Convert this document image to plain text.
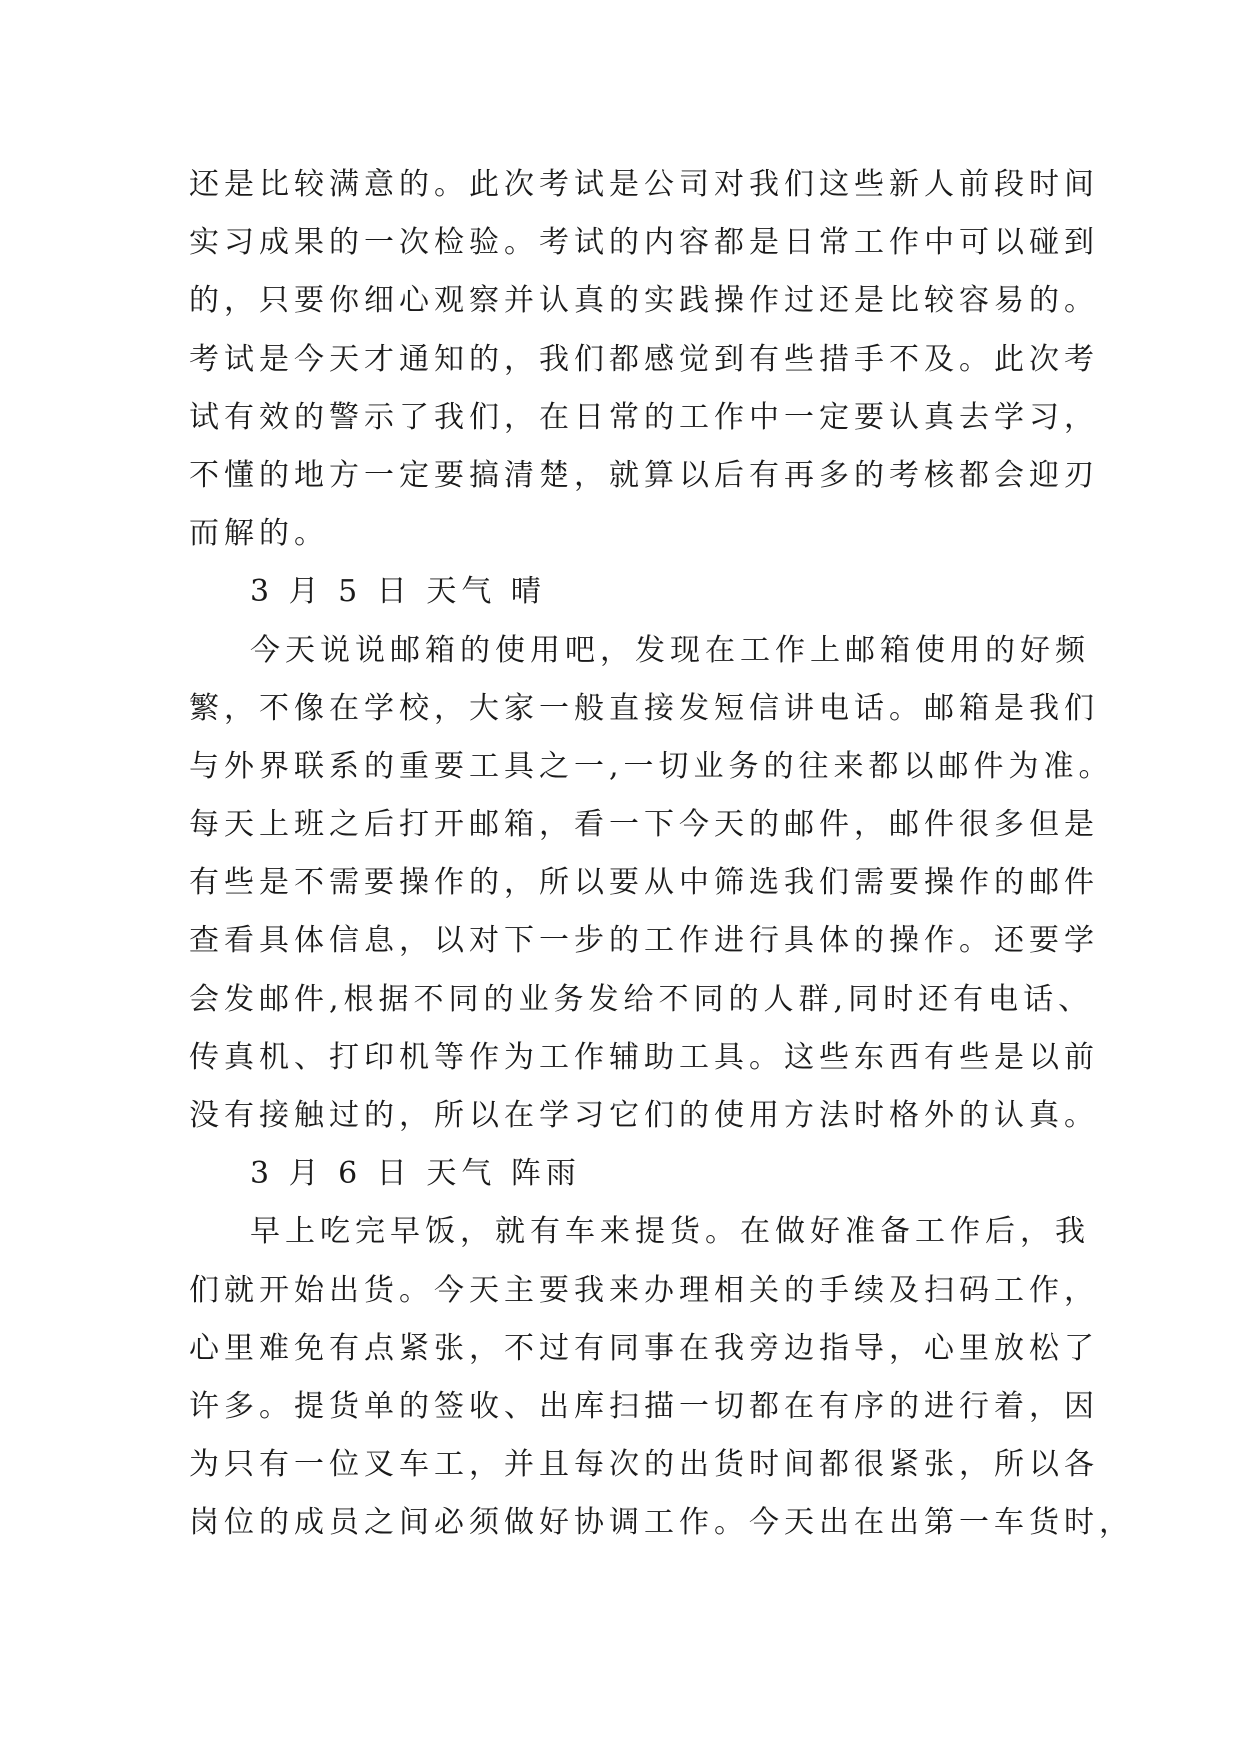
还是比较满意的。此次考试是公司对我们这些新人前段时间
实习成果的一次检验。考试的内容都是日常工作中可以碰到
的，只要你细心观察并认真的实践操作过还是比较容易的。
考试是今天才通知的，我们都感觉到有些措手不及。此次考
试有效的警示了我们，在日常的工作中一定要认真去学习，
不懂的地方一定要搞清楚，就算以后有再多的考核都会迎刃
而解的。
3 月 5 日 天气 晴
今天说说邮箱的使用吧，发现在工作上邮箱使用的好频
繁，不像在学校，大家一般直接发短信讲电话。邮箱是我们
与外界联系的重要工具之一,一切业务的往来都以邮件为准。
每天上班之后打开邮箱，看一下今天的邮件，邮件很多但是
有些是不需要操作的，所以要从中筛选我们需要操作的邮件
查看具体信息，以对下一步的工作进行具体的操作。还要学
会发邮件,根据不同的业务发给不同的人群,同时还有电话、
传真机、打印机等作为工作辅助工具。这些东西有些是以前
没有接触过的，所以在学习它们的使用方法时格外的认真。
3 月 6 日 天气 阵雨
早上吃完早饭，就有车来提货。在做好准备工作后，我
们就开始出货。今天主要我来办理相关的手续及扫码工作，
心里难免有点紧张，不过有同事在我旁边指导，心里放松了
许多。提货单的签收、出库扫描一切都在有序的进行着，因
为只有一位叉车工，并且每次的出货时间都很紧张，所以各
岗位的成员之间必须做好协调工作。今天出在出第一车货时，
